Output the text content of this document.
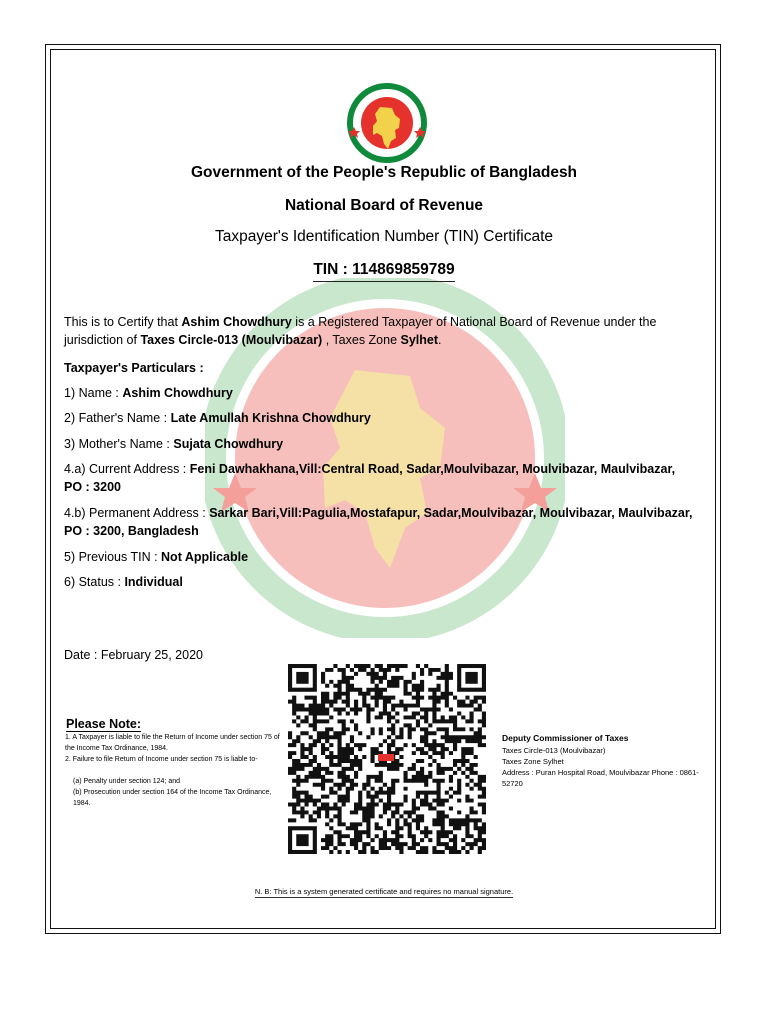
Government of the People's Republic of Bangladesh
National Board of Revenue
Taxpayer's Identification Number (TIN) Certificate
TIN : 114869859789
This is to Certify that Ashim Chowdhury is a Registered Taxpayer of National Board of Revenue under the jurisdiction of Taxes Circle-013 (Moulvibazar) , Taxes Zone Sylhet.
Taxpayer's Particulars :
1) Name : Ashim Chowdhury
2) Father's Name : Late Amullah Krishna Chowdhury
3) Mother's Name : Sujata Chowdhury
4.a) Current Address : Feni Dawhakhana,Vill:Central Road, Sadar,Moulvibazar, Moulvibazar, Maulvibazar, PO : 3200
4.b) Permanent Address : Sarkar Bari,Vill:Pagulia,Mostafapur, Sadar,Moulvibazar, Moulvibazar, Maulvibazar, PO : 3200, Bangladesh
5) Previous TIN : Not Applicable
6) Status : Individual
Date : February 25, 2020
Please Note:
1. A Taxpayer is liable to file the Return of Income under section 75 of the Income Tax Ordinance, 1984.
2. Failure to file Return of Income under section 75 is liable to-
(a) Penalty under section 124; and
(b) Prosecution under section 164 of the Income Tax Ordinance, 1984.
Deputy Commissioner of Taxes
Taxes Circle-013 (Moulvibazar)
Taxes Zone Sylhet
Address : Puran Hospital Road, Moulvibazar Phone : 0861-52720
N. B: This is a system generated certificate and requires no manual signature.
